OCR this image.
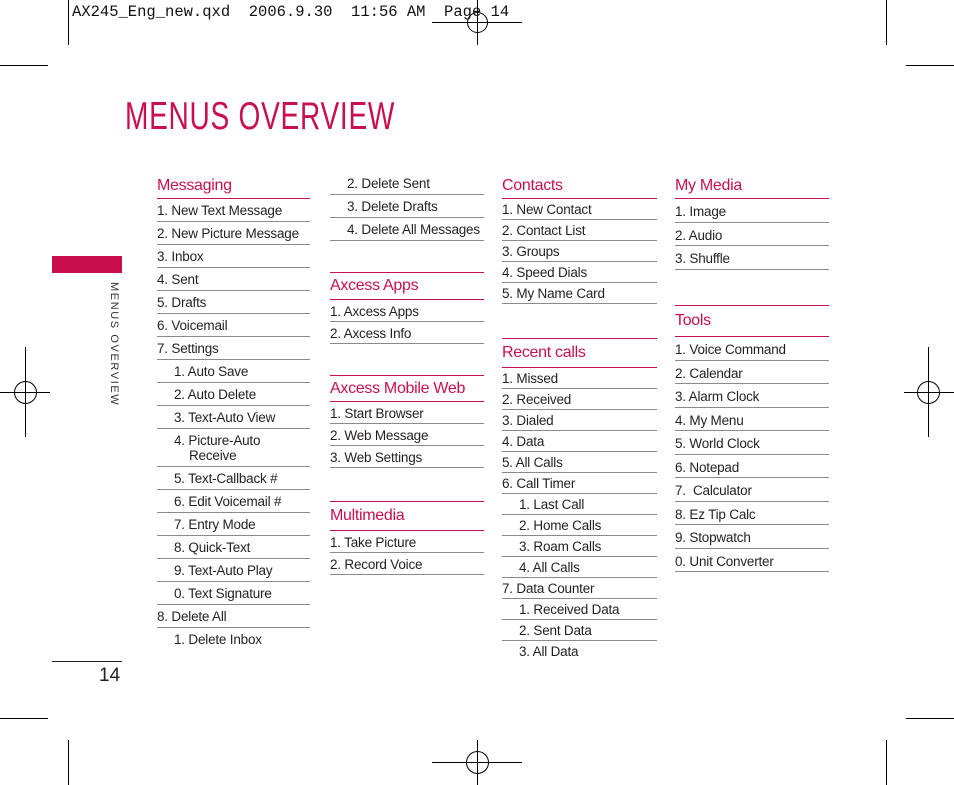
AX245_Eng_new.qxd  2006.9.30  11:56 AM  Page 14
MENUS OVERVIEW
MENUS OVERVIEW
14
Messaging
1. New Text Message
2. New Picture Message
3. Inbox
4. Sent
5. Drafts
6. Voicemail
7. Settings
1. Auto Save
2. Auto Delete
3. Text-Auto View
4. Picture-Auto Receive
5. Text-Callback #
6. Edit Voicemail #
7. Entry Mode
8. Quick-Text
9. Text-Auto Play
0. Text Signature
8. Delete All
1. Delete Inbox
2. Delete Sent
3. Delete Drafts
4. Delete All Messages
Axcess Apps
1. Axcess Apps
2. Axcess Info
Axcess Mobile Web
1. Start Browser
2. Web Message
3. Web Settings
Multimedia
1. Take Picture
2. Record Voice
Contacts
1. New Contact
2. Contact List
3. Groups
4. Speed Dials
5. My Name Card
Recent calls
1. Missed
2. Received
3. Dialed
4. Data
5. All Calls
6. Call Timer
1. Last Call
2. Home Calls
3. Roam Calls
4. All Calls
7. Data Counter
1. Received Data
2. Sent Data
3. All Data
My Media
1. Image
2. Audio
3. Shuffle
Tools
1. Voice Command
2. Calendar
3. Alarm Clock
4. My Menu
5. World Clock
6. Notepad
7.  Calculator
8. Ez Tip Calc
9. Stopwatch
0. Unit Converter
